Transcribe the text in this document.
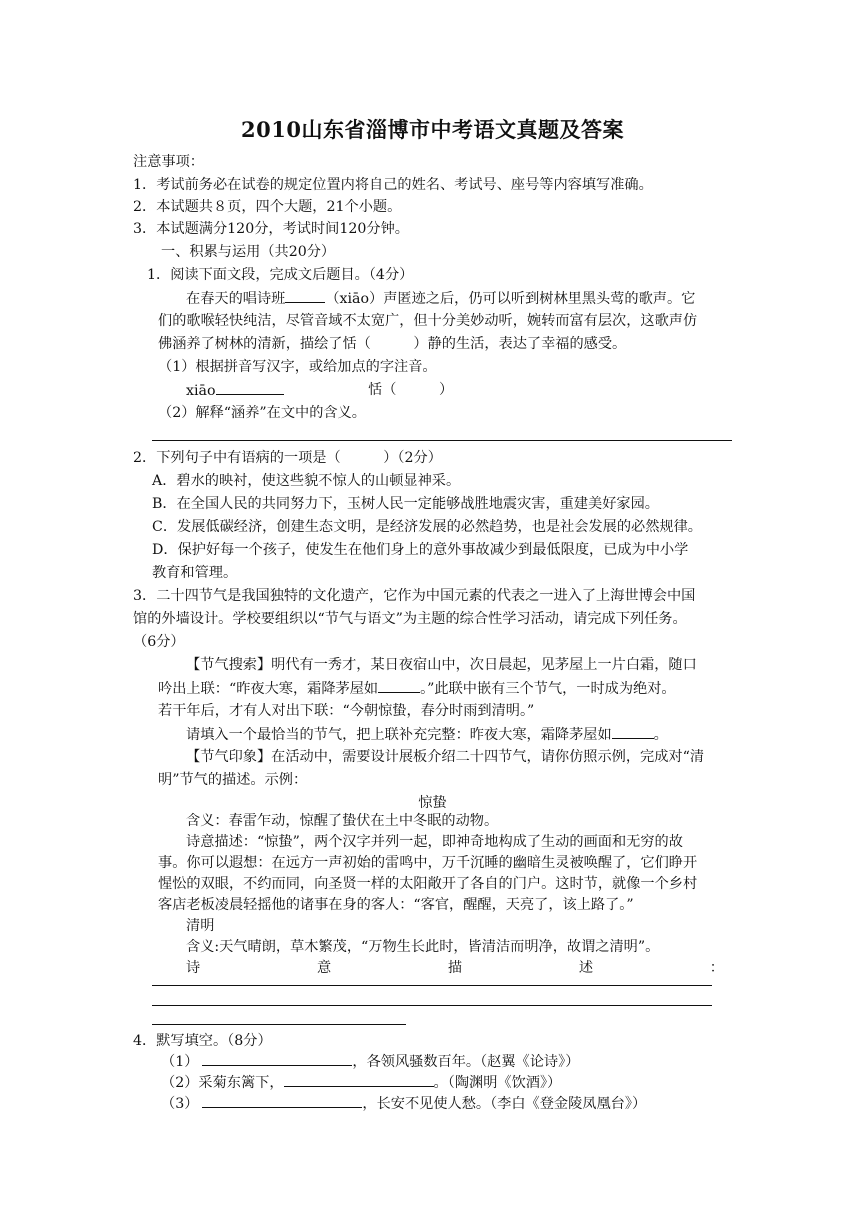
2010山东省淄博市中考语文真题及答案
注意事项：
1．考试前务必在试卷的规定位置内将自己的姓名、考试号、座号等内容填写准确。
2．本试题共８页，四个大题，21个小题。
3．本试题满分120分，考试时间120分钟。
一、积累与运用（共20分）
1．阅读下面文段，完成文后题目。（4分）
在春天的唱诗班	（xiāo）声匿迹之后，仍可以听到树林里黑头莺的歌声。它
们的歌喉轻快纯洁，尽管音域不太宽广，但十分美妙动听，婉转而富有层次，这歌声仿
佛涵养了树林的清新，描绘了恬（　　　）静的生活，表达了幸福的感受。
（1）根据拼音写汉字，或给加点的字注音。
xiāo	恬（　　　）
（2）解释“涵养”在文中的含义。
2．下列句子中有语病的一项是（　　　）（2分）
A．碧水的映衬，使这些貌不惊人的山顿显神采。
B．在全国人民的共同努力下，玉树人民一定能够战胜地震灾害，重建美好家园。
C．发展低碳经济，创建生态文明，是经济发展的必然趋势，也是社会发展的必然规律。
D．保护好每一个孩子，使发生在他们身上的意外事故减少到最低限度，已成为中小学
教育和管理。
3．二十四节气是我国独特的文化遗产，它作为中国元素的代表之一进入了上海世博会中国
馆的外墙设计。学校要组织以“节气与语文”为主题的综合性学习活动，请完成下列任务。
（6分）
【节气搜索】明代有一秀才，某日夜宿山中，次日晨起，见茅屋上一片白霜，随口
吟出上联：“昨夜大寒，霜降茅屋如	。”此联中嵌有三个节气，一时成为绝对。
若干年后，才有人对出下联：“今朝惊蛰，春分时雨到清明。”
请填入一个最恰当的节气，把上联补充完整：昨夜大寒，霜降茅屋如	。
【节气印象】在活动中，需要设计展板介绍二十四节气，请你仿照示例，完成对“清
明”节气的描述。示例：
惊蛰
含义：春雷乍动，惊醒了蛰伏在土中冬眠的动物。
诗意描述：“惊蛰”，两个汉字并列一起，即神奇地构成了生动的画面和无穷的故
事。你可以遐想：在远方一声初始的雷鸣中，万千沉睡的幽暗生灵被唤醒了，它们睁开
惺忪的双眼，不约而同，向圣贤一样的太阳敞开了各自的门户。这时节，就像一个乡村
客店老板凌晨轻摇他的诸事在身的客人：“客官，醒醒，天亮了，该上路了。”
清明
含义:天气晴朗，草木繁茂，“万物生长此时，皆清洁而明净，故谓之清明”。
诗	意	描	述	：
4．默写填空。（8分）
（1）	，各领风骚数百年。（赵翼《论诗》）
（2）采菊东篱下，	。（陶渊明《饮酒》）
（3）	，长安不见使人愁。（李白《登金陵凤凰台》）
